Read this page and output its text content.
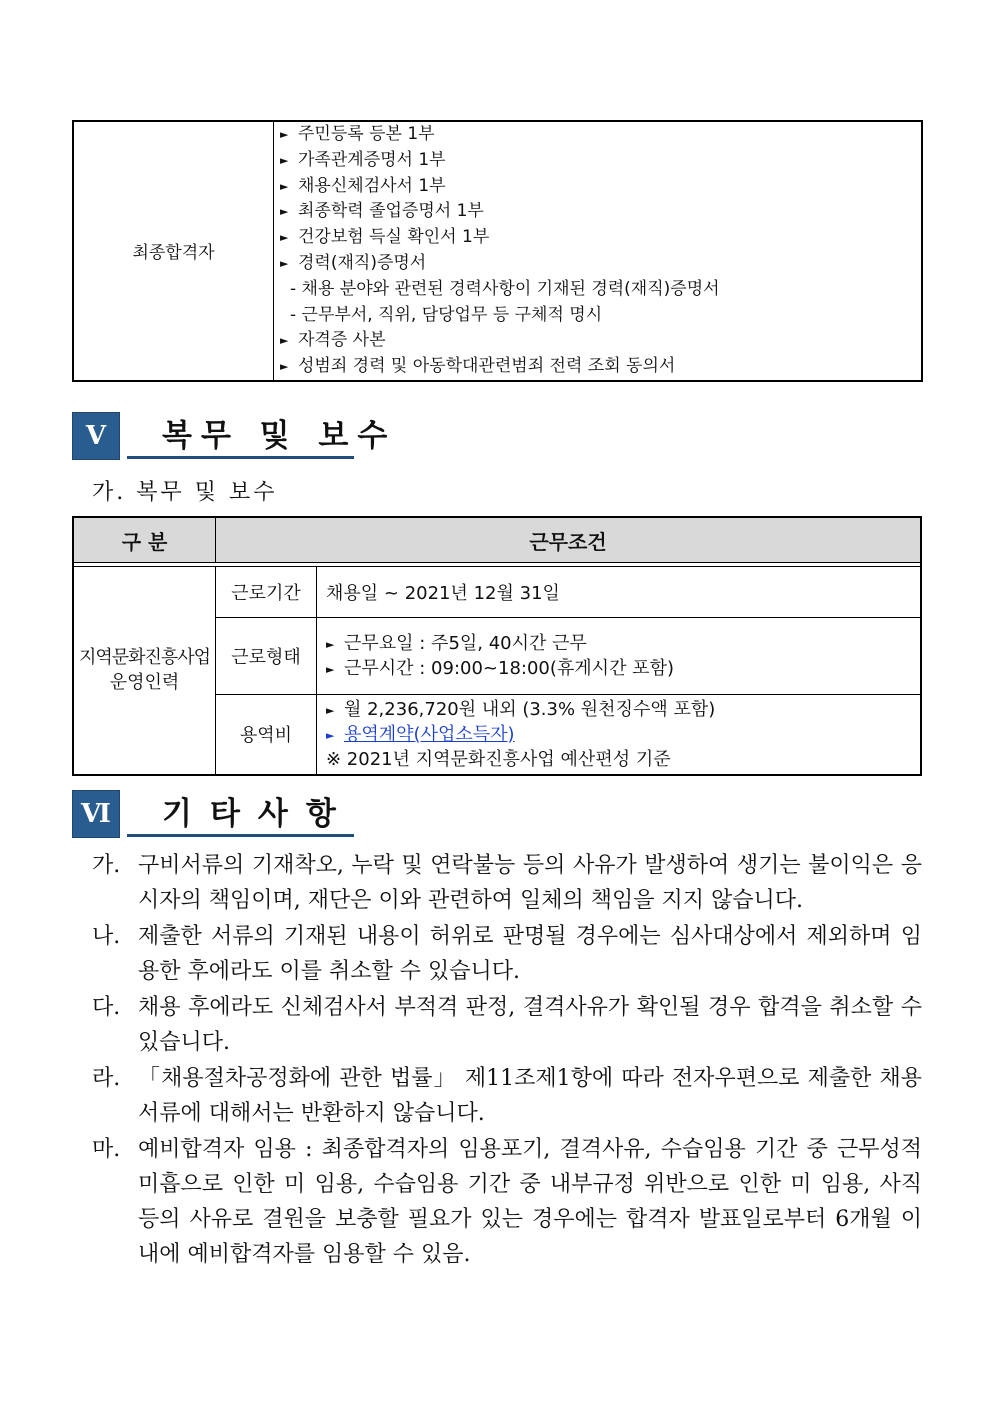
최종합격자	
► 주민등록 등본 1부
► 가족관계증명서 1부
► 채용신체검사서 1부
► 최종학력 졸업증명서 1부
► 건강보험 득실 확인서 1부
► 경력(재직)증명서
- 채용 분야와 관련된 경력사항이 기재된 경력(재직)증명서
- 근무부서, 직위, 담당업무 등 구체적 명시
► 자격증 사본
► 성범죄 경력 및 아동학대관련범죄 전력 조회 동의서
Ⅴ	복무 및 보수
가. 복무 및 보수
구 분	근무조건	

지역문화진흥사업
운영인력	근로기간	채용일 ~ 2021년 12월 31일
	근로형태	► 근무요일 : 주5일, 40시간 근무
► 근무시간 : 09:00~18:00(휴게시간 포함)

	용역비	► 월 2,236,720원 내외 (3.3% 원천징수액 포함)
► 용역계약(사업소득자)
※ 2021년 지역문화진흥사업 예산편성 기준
Ⅵ 기타사항
가. 구비서류의 기재착오, 누락 및 연락불능 등의 사유가 발생하여 생기는 불이익은 응시자의 책임이며, 재단은 이와 관련하여 일체의 책임을 지지 않습니다.
나. 제출한 서류의 기재된 내용이 허위로 판명될 경우에는 심사대상에서 제외하며 임용한 후에라도 이를 취소할 수 있습니다.
다. 채용 후에라도 신체검사서 부적격 판정, 결격사유가 확인될 경우 합격을 취소할 수 있습니다.
라. 「채용절차공정화에 관한 법률」 제11조제1항에 따라 전자우편으로 제출한 채용서류에 대해서는 반환하지 않습니다.
마. 예비합격자 임용 : 최종합격자의 임용포기, 결격사유, 수습임용 기간 중 근무성적 미흡으로 인한 미 임용, 수습임용 기간 중 내부규정 위반으로 인한 미 임용, 사직 등의 사유로 결원을 보충할 필요가 있는 경우에는 합격자 발표일로부터 6개월 이내에 예비합격자를 임용할 수 있음.
